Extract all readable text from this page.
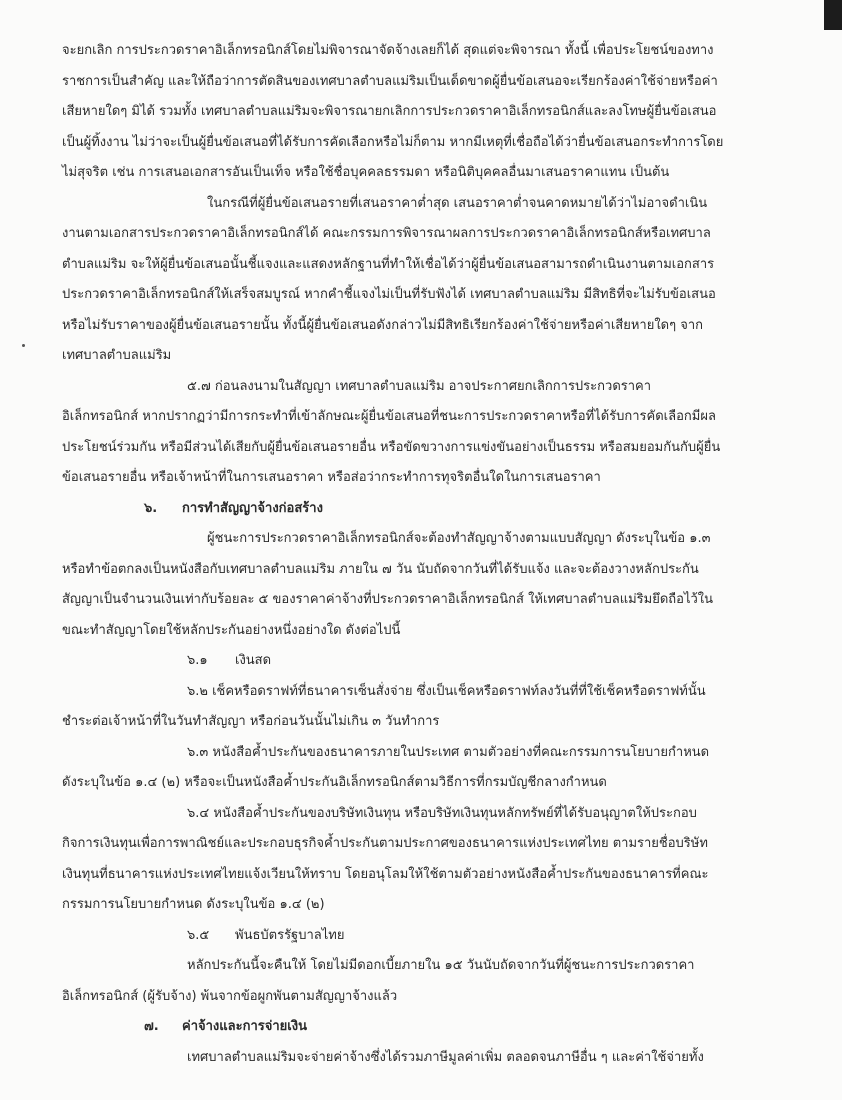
จะยกเลิก การประกวดราคาอิเล็กทรอนิกส์โดยไม่พิจารณาจัดจ้างเลยก็ได้ สุดแต่จะพิจารณา ทั้งนี้ เพื่อประโยชน์ของทางราชการเป็นสำคัญ และให้ถือว่าการตัดสินของเทศบาลตำบลแม่ริมเป็นเด็ดขาดผู้ยื่นข้อเสนอจะเรียกร้องค่าใช้จ่ายหรือค่าเสียหายใดๆ มิได้ รวมทั้ง เทศบาลตำบลแม่ริมจะพิจารณายกเลิกการประกวดราคาอิเล็กทรอนิกส์และลงโทษผู้ยื่นข้อเสนอเป็นผู้ทิ้งงาน ไม่ว่าจะเป็นผู้ยื่นข้อเสนอที่ได้รับการคัดเลือกหรือไม่ก็ตาม หากมีเหตุที่เชื่อถือได้ว่ายื่นข้อเสนอกระทำการโดยไม่สุจริต เช่น การเสนอเอกสารอันเป็นเท็จ หรือใช้ชื่อบุคคลธรรมดา หรือนิติบุคคลอื่นมาเสนอราคาแทน เป็นต้น

ในกรณีที่ผู้ยื่นข้อเสนอรายที่เสนอราคาต่ำสุด เสนอราคาต่ำจนคาดหมายได้ว่าไม่อาจดำเนินงานตามเอกสารประกวดราคาอิเล็กทรอนิกส์ได้ คณะกรรมการพิจารณาผลการประกวดราคาอิเล็กทรอนิกส์หรือเทศบาลตำบลแม่ริม จะให้ผู้ยื่นข้อเสนอนั้นชี้แจงและแสดงหลักฐานที่ทำให้เชื่อได้ว่าผู้ยื่นข้อเสนอสามารถดำเนินงานตามเอกสารประกวดราคาอิเล็กทรอนิกส์ให้เสร็จสมบูรณ์ หากคำชี้แจงไม่เป็นที่รับฟังได้ เทศบาลตำบลแม่ริม มีสิทธิที่จะไม่รับข้อเสนอหรือไม่รับราคาของผู้ยื่นข้อเสนอรายนั้น ทั้งนี้ผู้ยื่นข้อเสนอดังกล่าวไม่มีสิทธิเรียกร้องค่าใช้จ่ายหรือค่าเสียหายใดๆ จากเทศบาลตำบลแม่ริม

๕.๗ ก่อนลงนามในสัญญา เทศบาลตำบลแม่ริม อาจประกาศยกเลิกการประกวดราคาอิเล็กทรอนิกส์ หากปรากฏว่ามีการกระทำที่เข้าลักษณะผู้ยื่นข้อเสนอที่ชนะการประกวดราคาหรือที่ได้รับการคัดเลือกมีผลประโยชน์ร่วมกัน หรือมีส่วนได้เสียกับผู้ยื่นข้อเสนอรายอื่น หรือขัดขวางการแข่งขันอย่างเป็นธรรม หรือสมยอมกันกับผู้ยื่นข้อเสนอรายอื่น หรือเจ้าหน้าที่ในการเสนอราคา หรือส่อว่ากระทำการทุจริตอื่นใดในการเสนอราคา

๖. การทำสัญญาจ้างก่อสร้าง

ผู้ชนะการประกวดราคาอิเล็กทรอนิกส์จะต้องทำสัญญาจ้างตามแบบสัญญา ดังระบุในข้อ ๑.๓ หรือทำข้อตกลงเป็นหนังสือกับเทศบาลตำบลแม่ริม ภายใน ๗ วัน นับถัดจากวันที่ได้รับแจ้ง และจะต้องวางหลักประกันสัญญาเป็นจำนวนเงินเท่ากับร้อยละ ๕ ของราคาค่าจ้างที่ประกวดราคาอิเล็กทรอนิกส์ ให้เทศบาลตำบลแม่ริมยึดถือไว้ในขณะทำสัญญาโดยใช้หลักประกันอย่างหนึ่งอย่างใด ดังต่อไปนี้

๖.๑ เงินสด

๖.๒ เช็คหรือดราฟท์ที่ธนาคารเซ็นสั่งจ่าย ซึ่งเป็นเช็คหรือดราฟท์ลงวันที่ที่ใช้เช็คหรือดราฟท์นั้น ชำระต่อเจ้าหน้าที่ในวันทำสัญญา หรือก่อนวันนั้นไม่เกิน ๓ วันทำการ

๖.๓ หนังสือค้ำประกันของธนาคารภายในประเทศ ตามตัวอย่างที่คณะกรรมการนโยบายกำหนด ดังระบุในข้อ ๑.๔ (๒) หรือจะเป็นหนังสือค้ำประกันอิเล็กทรอนิกส์ตามวิธีการที่กรมบัญชีกลางกำหนด

๖.๔ หนังสือค้ำประกันของบริษัทเงินทุน หรือบริษัทเงินทุนหลักทรัพย์ที่ได้รับอนุญาตให้ประกอบกิจการเงินทุนเพื่อการพาณิชย์และประกอบธุรกิจค้ำประกันตามประกาศของธนาคารแห่งประเทศไทย ตามรายชื่อบริษัทเงินทุนที่ธนาคารแห่งประเทศไทยแจ้งเวียนให้ทราบ โดยอนุโลมให้ใช้ตามตัวอย่างหนังสือค้ำประกันของธนาคารที่คณะกรรมการนโยบายกำหนด ดังระบุในข้อ ๑.๔ (๒)

๖.๕ พันธบัตรรัฐบาลไทย

หลักประกันนี้จะคืนให้ โดยไม่มีดอกเบี้ยภายใน ๑๕ วันนับถัดจากวันที่ผู้ชนะการประกวดราคาอิเล็กทรอนิกส์ (ผู้รับจ้าง) พ้นจากข้อผูกพันตามสัญญาจ้างแล้ว

๗. ค่าจ้างและการจ่ายเงิน

เทศบาลตำบลแม่ริมจะจ่ายค่าจ้างซึ่งได้รวมภาษีมูลค่าเพิ่ม ตลอดจนภาษีอื่น ๆ และค่าใช้จ่ายทั้ง
